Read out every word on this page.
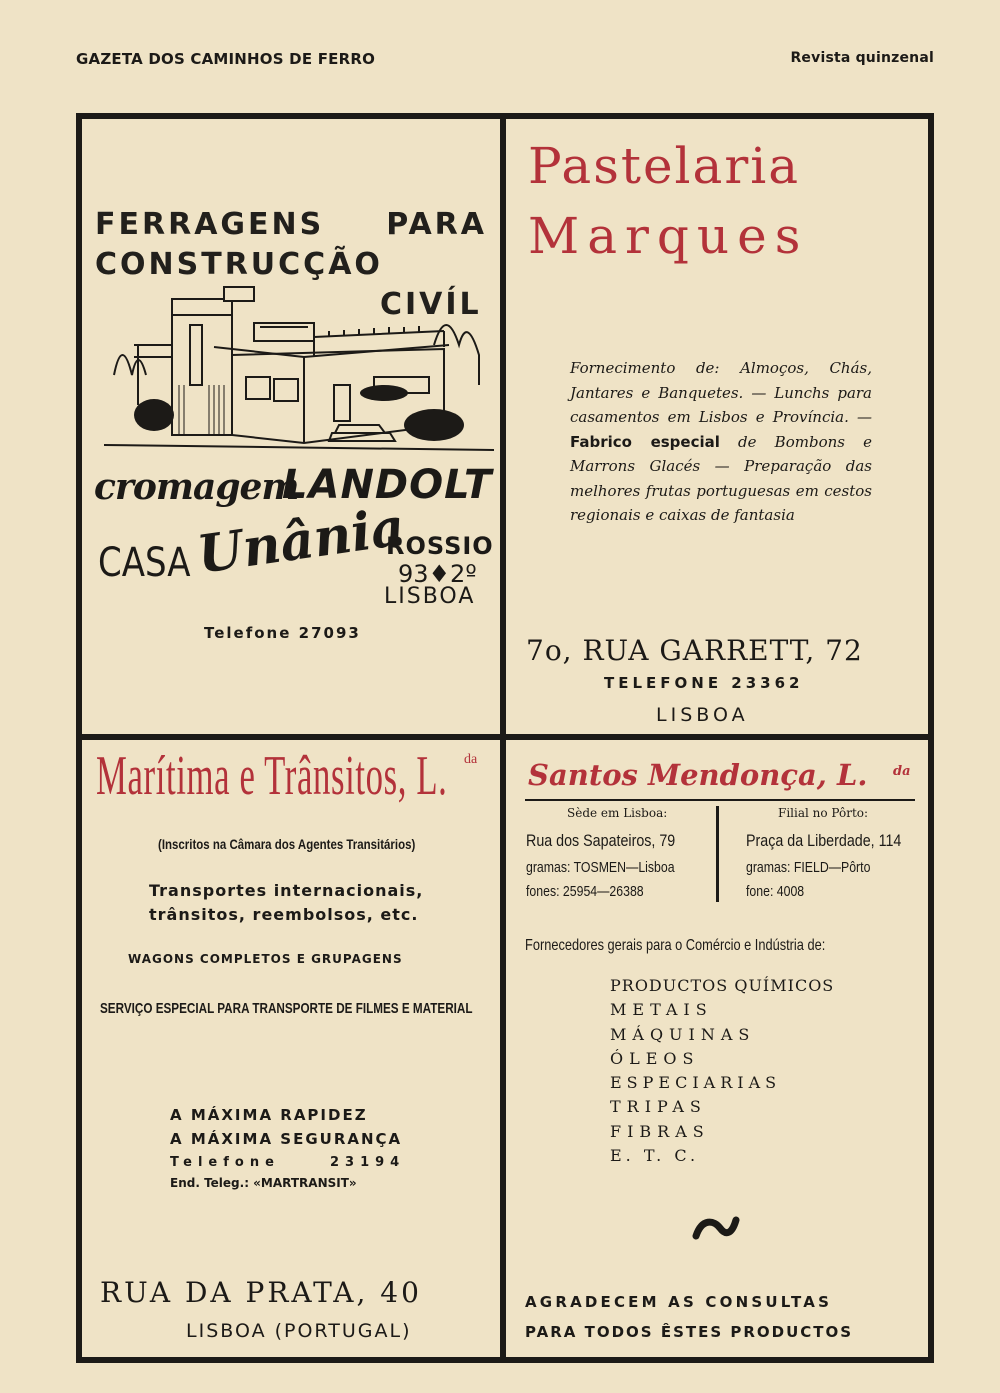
GAZETA DOS CAMINHOS DE FERRO	Revista quinzenal
FERRAGENS PARA
CONSTRUCÇÃO
CIVÍL
cromagem
LANDOLT
CASA Unânia
ROSSIO
93♦2º
LISBOA
Telefone 27093
Pastelaria
Marques
Fornecimento de: Almoços, Chás, Jantares e Banquetes. — Lunchs para casamentos em Lisbos e Província. —Fabrico especial de Bombons e Marrons Glacés — Preparação das melhores frutas portuguesas em cestos regionais e caixas de fantasia
7o, RUA GARRETT, 72
TELEFONE 23362
LISBOA
Marítima e Trânsitos, L.	da
(Inscritos na Câmara dos Agentes Transitários)
Transportes internacionais,
trânsitos, reembolsos, etc.
WAGONS COMPLETOS E GRUPAGENS
SERVIÇO ESPECIAL PARA TRANSPORTE DE FILMES E MATERIAL
A MÁXIMA RAPIDEZ
A MÁXIMA SEGURANÇA
Telefone	23194
End. Teleg.: «MARTRANSIT»
RUA DA PRATA, 40
LISBOA (PORTUGAL)
Santos Mendonça, L. da
Sède em Lisboa:
Rua dos Sapateiros, 79
gramas: TOSMEN—Lisboa
fones: 25954—26388
Filial no Pôrto:
Praça da Liberdade, 114
gramas: FIELD—Pôrto
fone: 4008
Fornecedores gerais para o Comércio e Indústria de:
PRODUCTOS QUÍMICOS
METAIS
MÁQUINAS
ÓLEOS
ESPECIARIAS
TRIPAS
FIBRAS
E. T. C.
AGRADECEM AS CONSULTAS
PARA TODOS ÊSTES PRODUCTOS
